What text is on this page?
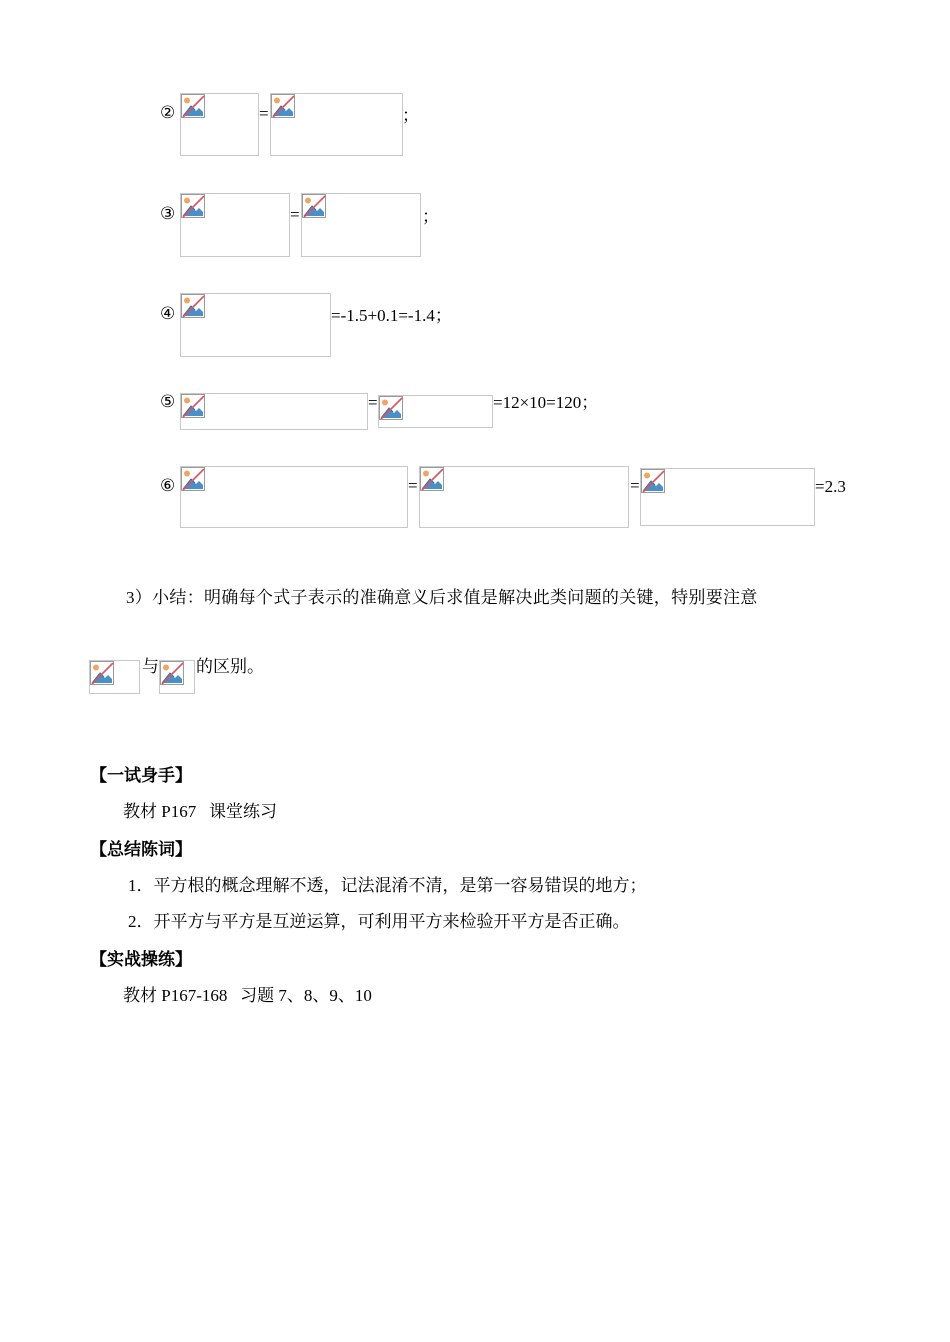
②	=	；
③	=	；
④	=-1.5+0.1=-1.4；
⑤	=	=12×10=120；
⑥	=	=	=2.3
3）小结：明确每个式子表示的准确意义后求值是解决此类问题的关键，特别要注意
与 的区别。
【一试身手】
教材 P167   课堂练习
【总结陈词】
1．平方根的概念理解不透，记法混淆不清，是第一容易错误的地方；
2．开平方与平方是互逆运算，可利用平方来检验开平方是否正确。
【实战操练】
教材 P167-168   习题 7、8、9、10
